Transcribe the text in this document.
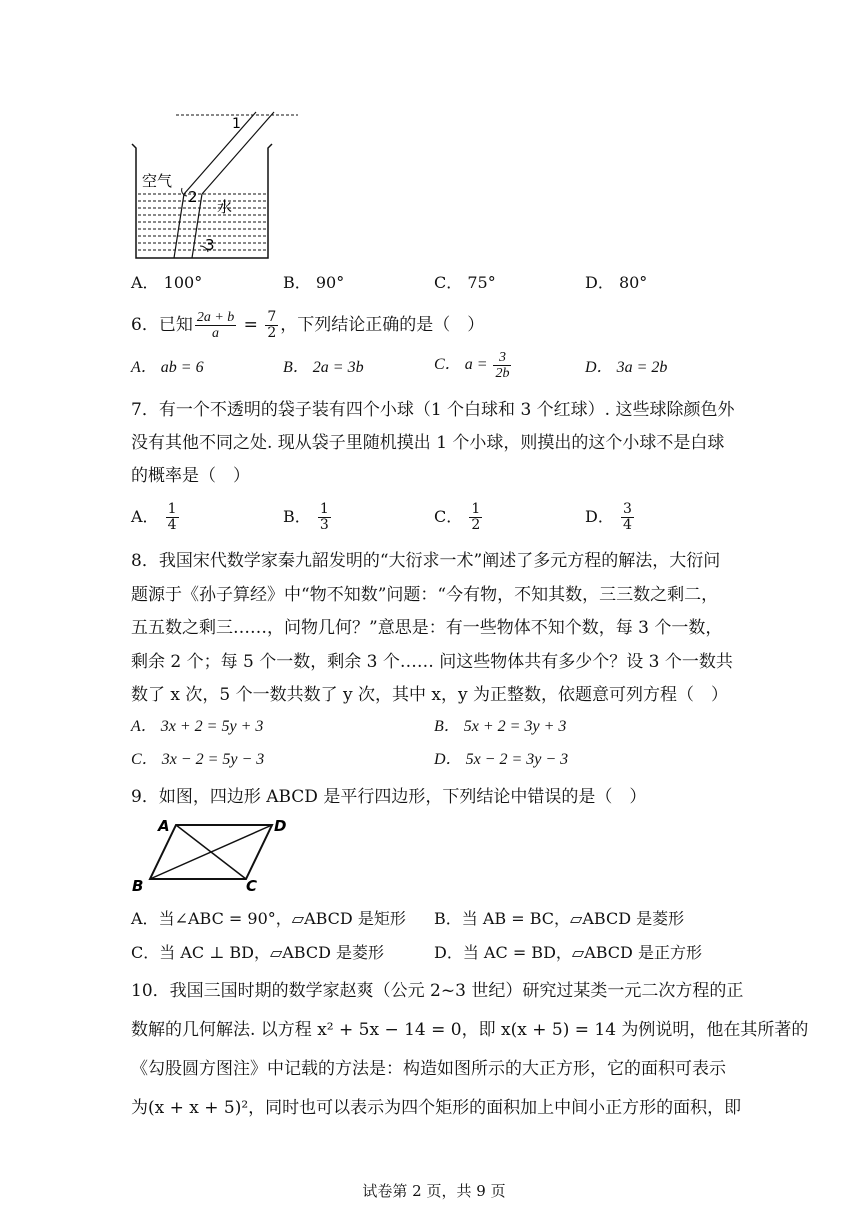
1
2
3
空气
水
A． 100°	B． 90°	C． 75°	D． 80°
6．已知 $\frac{2a + b}{a} = \frac{7}{2}$ ，下列结论正确的是（　）
A． ab = 6	B． 2a = 3b	C． $a = \frac{3}{2b}$	D． 3a = 2b
7．有一个不透明的袋子装有四个小球（1 个白球和 3 个红球）. 这些球除颜色外
没有其他不同之处. 现从袋子里随机摸出 1 个小球，则摸出的这个小球不是白球
的概率是（　）
A． $\frac{1}{4}$	B． $\frac{1}{3}$	C． $\frac{1}{2}$	D． $\frac{3}{4}$
8．我国宋代数学家秦九韶发明的“大衍求一术”阐述了多元方程的解法，大衍问
题源于《孙子算经》中“物不知数”问题：“今有物，不知其数，三三数之剩二，
五五数之剩三……，问物几何？”意思是：有一些物体不知个数，每 3 个一数，
剩余 2 个；每 5 个一数，剩余 3 个…… 问这些物体共有多少个？设 3 个一数共
数了 x 次，5 个一数共数了 y 次，其中 x，y 为正整数，依题意可列方程（　）
A． 3x + 2 = 5y + 3	B． 5x + 2 = 3y + 3
C． 3x − 2 = 5y − 3	D． 5x − 2 = 3y − 3
9．如图，四边形 ABCD 是平行四边形，下列结论中错误的是（　）
A	D
B	C
A．当∠ABC = 90°，▱ABCD 是矩形 B．当 AB = BC，▱ABCD 是菱形
C．当 AC ⊥ BD，▱ABCD 是菱形	D．当 AC = BD，▱ABCD 是正方形
10．我国三国时期的数学家赵爽（公元 2~3 世纪）研究过某类一元二次方程的正
数解的几何解法. 以方程 x² + 5x − 14 = 0，即 x(x + 5) = 14 为例说明，他在其所著的
《勾股圆方图注》中记载的方法是：构造如图所示的大正方形，它的面积可表示
为(x + x + 5)²，同时也可以表示为四个矩形的面积加上中间小正方形的面积，即
试卷第 2 页，共 9 页
